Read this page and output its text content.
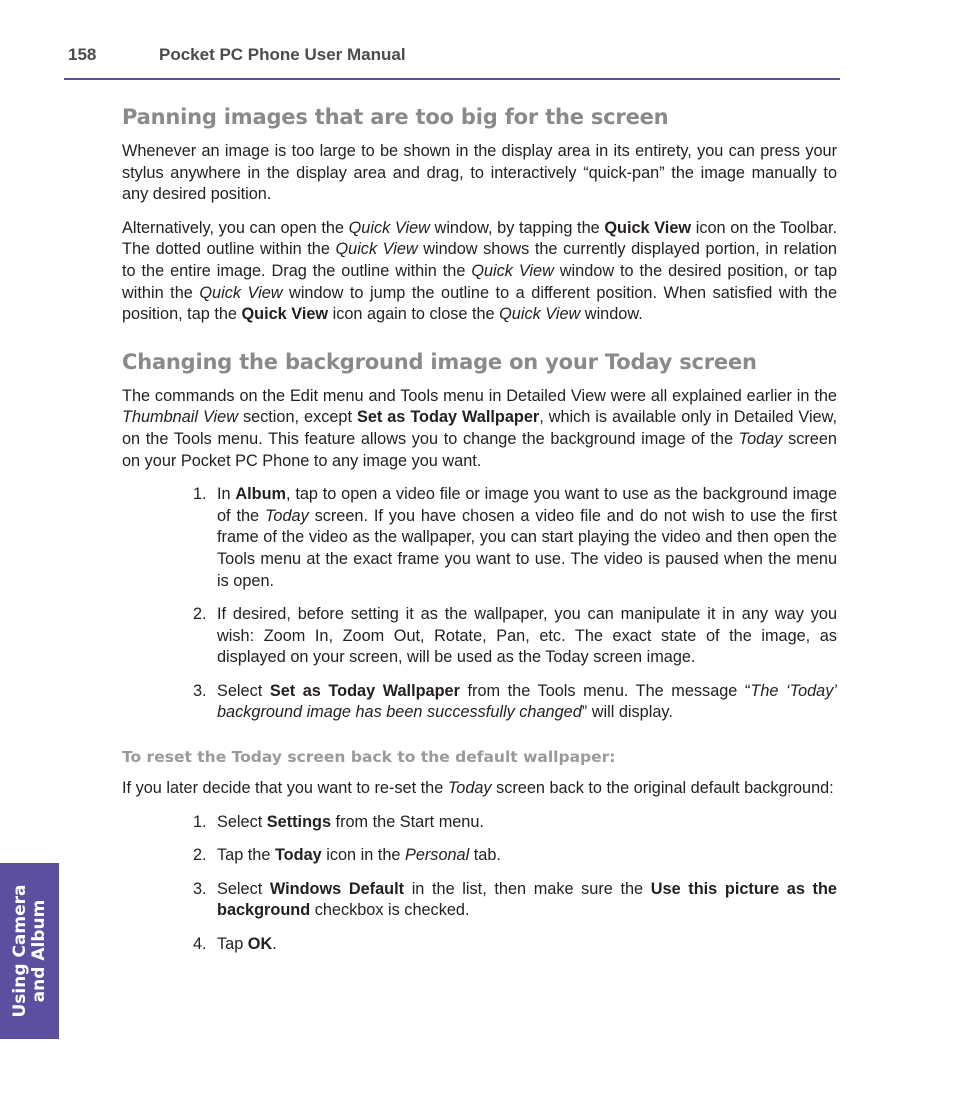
158	Pocket PC Phone User Manual
Panning images that are too big for the screen

Whenever an image is too large to be shown in the display area in its entirety, you can press your stylus anywhere in the display area and drag, to interactively “quick-pan” the image manually to any desired position.

Alternatively, you can open the Quick View window, by tapping the Quick View icon on the Toolbar. The dotted outline within the Quick View window shows the currently displayed portion, in relation to the entire image. Drag the outline within the Quick View window to the desired position, or tap within the Quick View window to jump the outline to a different position. When satisfied with the position, tap the Quick View icon again to close the Quick View window.

Changing the background image on your Today screen

The commands on the Edit menu and Tools menu in Detailed View were all explained earlier in the Thumbnail View section, except Set as Today Wallpaper, which is available only in Detailed View, on the Tools menu. This feature allows you to change the background image of the Today screen on your Pocket PC Phone to any image you want.

1. In Album, tap to open a video file or image you want to use as the background image of the Today screen. If you have chosen a video file and do not wish to use the first frame of the video as the wallpaper, you can start playing the video and then open the Tools menu at the exact frame you want to use. The video is paused when the menu is open.
2. If desired, before setting it as the wallpaper, you can manipulate it in any way you wish: Zoom In, Zoom Out, Rotate, Pan, etc. The exact state of the image, as displayed on your screen, will be used as the Today screen image.
3. Select Set as Today Wallpaper from the Tools menu. The message “The ‘Today’ background image has been successfully changed” will display.
To reset the Today screen back to the default wallpaper:

If you later decide that you want to re-set the Today screen back to the original default background:

1. Select Settings from the Start menu.
2. Tap the Today icon in the Personal tab.
3. Select Windows Default in the list, then make sure the Use this picture as the background checkbox is checked.
4. Tap OK.
Using Camera and Album
